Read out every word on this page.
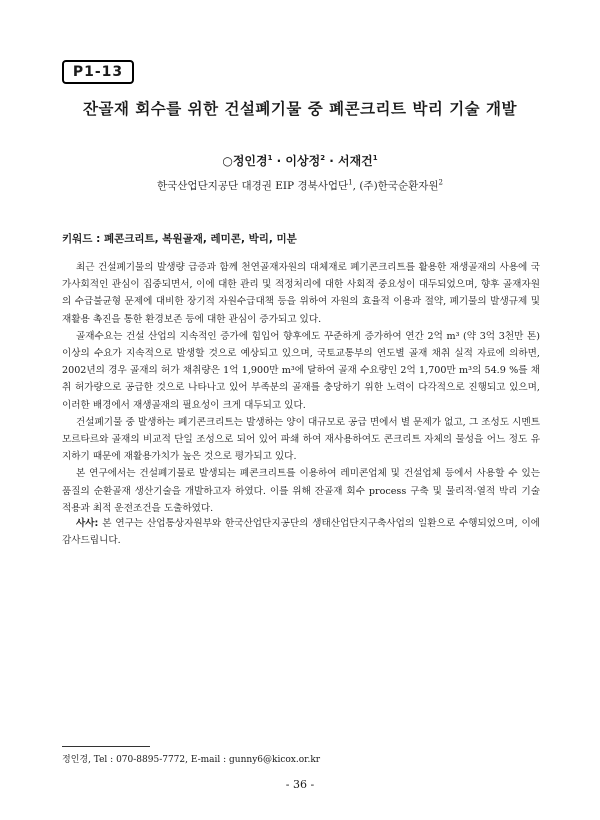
P1-13
잔골재 회수를 위한 건설폐기물 중 폐콘크리트 박리 기술 개발
○정인경$^1$ · 이상정$^2$ · 서재건$^1$
한국산업단지공단 대경권 EIP 경북사업단$^1$, (주)한국순환자원$^2$
키워드 : 폐콘크리트, 복원골재, 레미콘, 박리, 미분

최근 건설폐기물의 발생량 급증과 함께 천연골재자원의 대체재로 폐기콘크리트를 활용한 재생골재의 사용에 국가사회적인 관심이 집중되면서, 이에 대한 관리 및 적정처리에 대한 사회적 중요성이 대두되었으며, 향후 골재자원의 수급불균형 문제에 대비한 장기적 자원수급대책 등을 위하여 자원의 효율적 이용과 절약, 폐기물의 발생규제 및 재활용 촉진을 통한 환경보존 등에 대한 관심이 증가되고 있다.

골재수요는 건설 산업의 지속적인 증가에 힘입어 향후에도 꾸준하게 증가하여 연간 2억 m³ (약 3억 3천만 톤) 이상의 수요가 지속적으로 발생할 것으로 예상되고 있으며, 국토교통부의 연도별 골재 채취 실적 자료에 의하면, 2002년의 경우 골재의 허가 채취량은 1억 1,900만 m³에 달하여 골재 수요량인 2억 1,700만 m³의 54.9 %를 채취 허가량으로 공급한 것으로 나타나고 있어 부족분의 골재를 충당하기 위한 노력이 다각적으로 진행되고 있으며, 이러한 배경에서 재생골재의 필요성이 크게 대두되고 있다.

건설폐기물 중 발생하는 폐기콘크리트는 발생하는 양이 대규모로 공급 면에서 별 문제가 없고, 그 조성도 시멘트 모르타르와 골재의 비교적 단일 조성으로 되어 있어 파쇄 하여 재사용하여도 콘크리트 자체의 물성을 어느 정도 유지하기 때문에 재활용가치가 높은 것으로 평가되고 있다.

본 연구에서는 건설폐기물로 발생되는 폐콘크리트를 이용하여 레미콘업체 및 건설업체 등에서 사용할 수 있는 품질의 순환골재 생산기술을 개발하고자 하였다. 이를 위해 잔골재 회수 process 구축 및 물리적·열적 박리 기술 적용과 최적 운전조건을 도출하였다.

사사: 본 연구는 산업통상자원부와 한국산업단지공단의 생태산업단지구축사업의 일환으로 수행되었으며, 이에 감사드립니다.
정인경, Tel : 070-8895-7772, E-mail : gunny6@kicox.or.kr
- 36 -
